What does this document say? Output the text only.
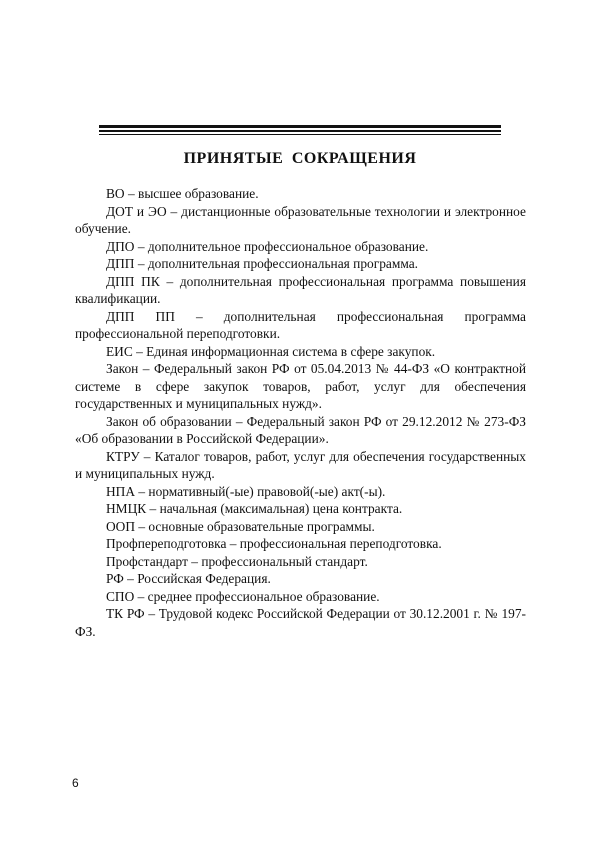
ПРИНЯТЫЕ СОКРАЩЕНИЯ

ВО – высшее образование.

ДОТ и ЭО – дистанционные образовательные технологии и электронное обучение.

ДПО – дополнительное профессиональное образование.

ДПП – дополнительная профессиональная программа.

ДПП ПК – дополнительная профессиональная программа повышения квалификации.

ДПП ПП – дополнительная профессиональная программа профессиональной переподготовки.

ЕИС – Единая информационная система в сфере закупок.

Закон – Федеральный закон РФ от 05.04.2013 № 44-ФЗ «О контрактной системе в сфере закупок товаров, работ, услуг для обеспечения государственных и муниципальных нужд».

Закон об образовании – Федеральный закон РФ от 29.12.2012 № 273-ФЗ «Об образовании в Российской Федерации».

КТРУ – Каталог товаров, работ, услуг для обеспечения государственных и муниципальных нужд.

НПА – нормативный(-ые) правовой(-ые) акт(-ы).

НМЦК – начальная (максимальная) цена контракта.

ООП – основные образовательные программы.

Профпереподготовка – профессиональная переподготовка.

Профстандарт – профессиональный стандарт.

РФ – Российская Федерация.

СПО – среднее профессиональное образование.

ТК РФ – Трудовой кодекс Российской Федерации от 30.12.2001 г. № 197-ФЗ.

6
